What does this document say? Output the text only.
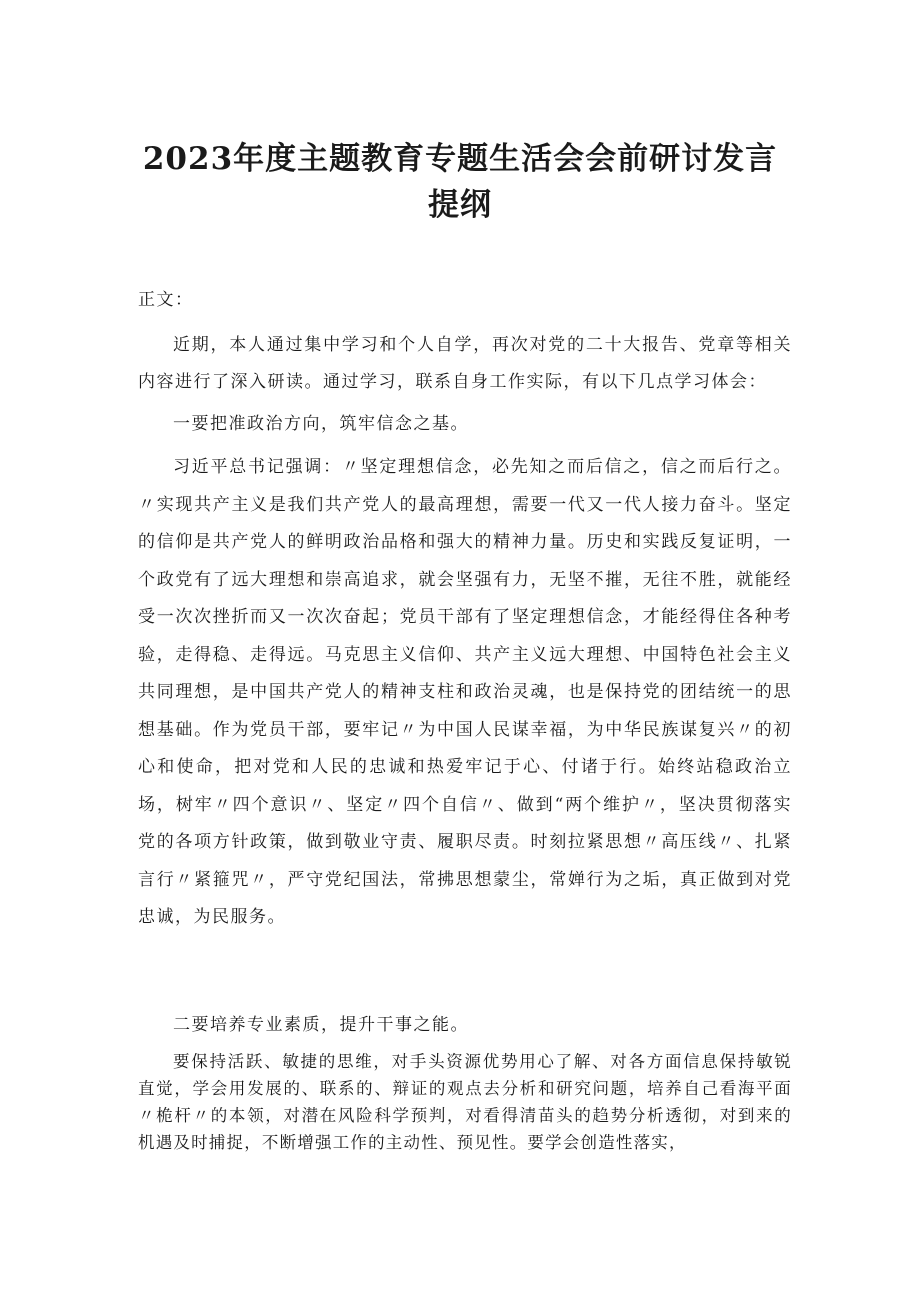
2023年度主题教育专题生活会会前研讨发言提纲

正文：

近期，本人通过集中学习和个人自学，再次对党的二十大报告、党章等相关内容进行了深入研读。通过学习，联系自身工作实际，有以下几点学习体会：

一要把准政治方向，筑牢信念之基。

习近平总书记强调：〃坚定理想信念，必先知之而后信之，信之而后行之。〃实现共产主义是我们共产党人的最高理想，需要一代又一代人接力奋斗。坚定的信仰是共产党人的鲜明政治品格和强大的精神力量。历史和实践反复证明，一个政党有了远大理想和崇高追求，就会坚强有力，无坚不摧，无往不胜，就能经受一次次挫折而又一次次奋起；党员干部有了坚定理想信念，才能经得住各种考验，走得稳、走得远。马克思主义信仰、共产主义远大理想、中国特色社会主义共同理想，是中国共产党人的精神支柱和政治灵魂，也是保持党的团结统一的思想基础。作为党员干部，要牢记〃为中国人民谋幸福，为中华民族谋复兴〃的初心和使命，把对党和人民的忠诚和热爱牢记于心、付诸于行。始终站稳政治立场，树牢〃四个意识〃、坚定〃四个自信〃、做到“两个维护〃，坚决贯彻落实党的各项方针政策，做到敬业守责、履职尽责。时刻拉紧思想〃高压线〃、扎紧言行〃紧箍咒〃，严守党纪国法，常拂思想蒙尘，常婵行为之垢，真正做到对党忠诚，为民服务。

二要培养专业素质，提升干事之能。

要保持活跃、敏捷的思维，对手头资源优势用心了解、对各方面信息保持敏锐直觉，学会用发展的、联系的、辩证的观点去分析和研究问题，培养自己看海平面〃桅杆〃的本领，对潜在风险科学预判，对看得清苗头的趋势分析透彻，对到来的机遇及时捕捉，不断增强工作的主动性、预见性。要学会创造性落实，
